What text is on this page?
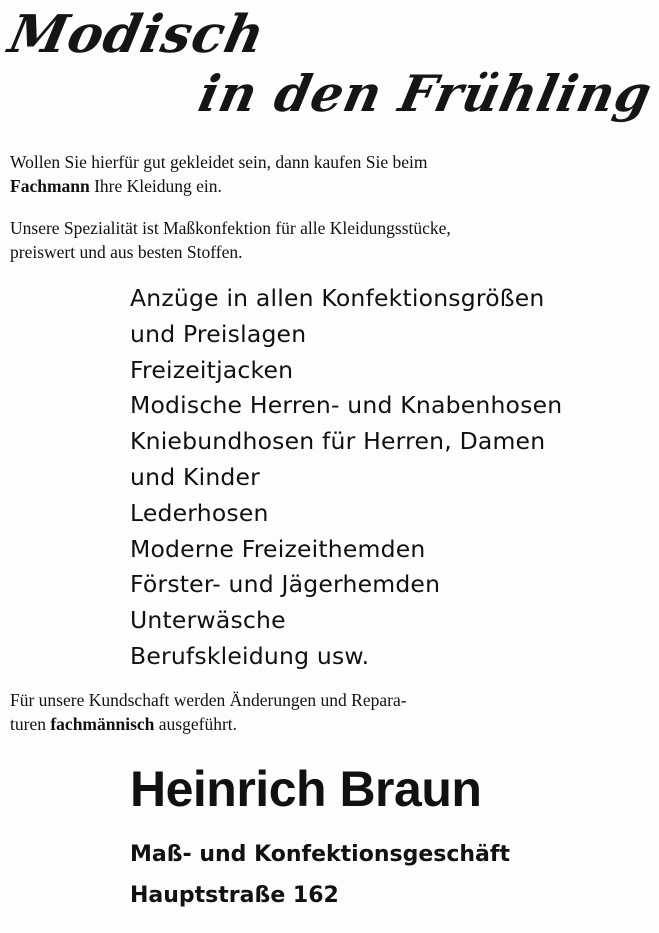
Modisch
in den Frühling

Wollen Sie hierfür gut gekleidet sein, dann kaufen Sie beim
Fachmann Ihre Kleidung ein.

Unsere Spezialität ist Maßkonfektion für alle Kleidungsstücke,
preiswert und aus besten Stoffen.

Anzüge in allen Konfektionsgrößen
und Preislagen
Freizeitjacken
Modische Herren- und Knabenhosen
Kniebundhosen für Herren, Damen
und Kinder
Lederhosen
Moderne Freizeithemden
Förster- und Jägerhemden
Unterwäsche
Berufskleidung usw.

Für unsere Kundschaft werden Änderungen und Repara-
turen fachmännisch ausgeführt.

Heinrich Braun

Maß- und Konfektionsgeschäft

Hauptstraße 162
